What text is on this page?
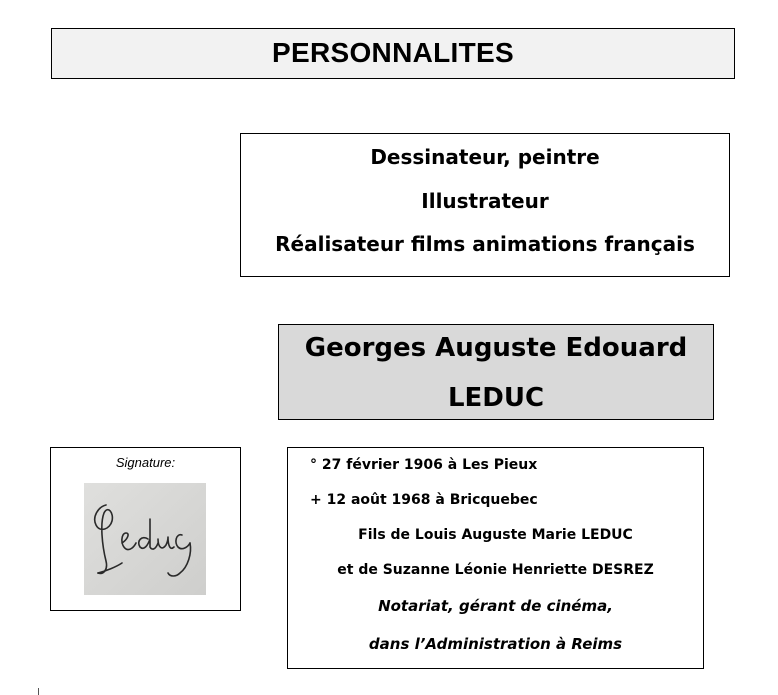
PERSONNALITES
Dessinateur, peintre
Illustrateur
Réalisateur films animations français
Georges Auguste Edouard
LEDUC
Signature:	° 27 février 1906 à Les Pieux
+ 12 août 1968 à Bricquebec
Fils de Louis Auguste Marie LEDUC
et de Suzanne Léonie Henriette DESREZ
Notariat, gérant de cinéma,
dans l’Administration à Reims
